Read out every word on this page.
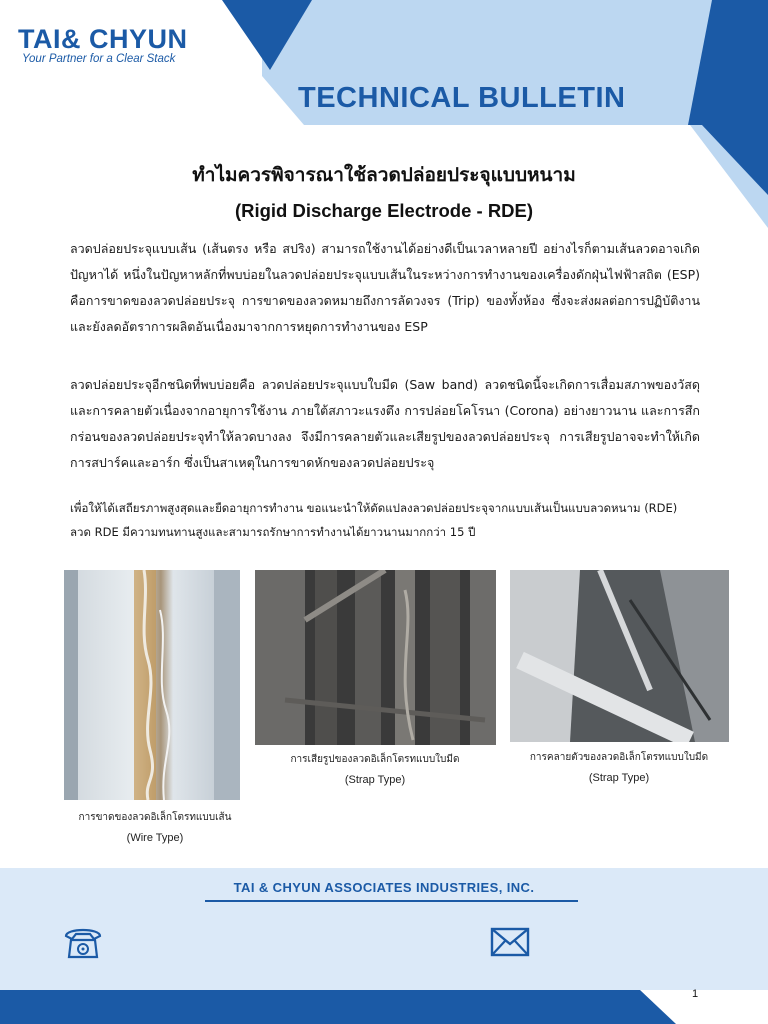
TAI& CHYUN
Your Partner for a Clear Stack
TECHNICAL BULLETIN
ทำไมควรพิจารณาใช้ลวดปล่อยประจุแบบหนาม
(Rigid Discharge Electrode - RDE)
ลวดปล่อยประจุแบบเส้น (เส้นตรง หรือ สปริง) สามารถใช้งานได้อย่างดีเป็นเวลาหลายปี อย่างไรก็ตามเส้นลวดอาจเกิดปัญหาได้ หนึ่งในปัญหาหลักที่พบบ่อยในลวดปล่อยประจุแบบเส้นในระหว่างการทำงานของเครื่องดักฝุ่นไฟฟ้าสถิต (ESP) คือการขาดของลวดปล่อยประจุ การขาดของลวดหมายถึงการลัดวงจร (Trip) ของทั้งห้อง ซึ่งจะส่งผลต่อการปฏิบัติงานและยังลดอัตราการผลิตอันเนื่องมาจากการหยุดการทำงานของ ESP
ลวดปล่อยประจุอีกชนิดที่พบบ่อยคือ ลวดปล่อยประจุแบบใบมีด (Saw band) ลวดชนิดนี้จะเกิดการเสื่อมสภาพของวัสดุและการคลายตัวเนื่องจากอายุการใช้งาน ภายใต้สภาวะแรงตึง การปล่อยโคโรนา (Corona) อย่างยาวนาน และการสึกกร่อนของลวดปล่อยประจุทำให้ลวดบางลง จึงมีการคลายตัวและเสียรูปของลวดปล่อยประจุ การเสียรูปอาจจะทำให้เกิดการสปาร์คและอาร์ก ซึ่งเป็นสาเหตุในการขาดหักของลวดปล่อยประจุ
เพื่อให้ได้เสถียรภาพสูงสุดและยืดอายุการทำงาน ขอแนะนำให้ดัดแปลงลวดปล่อยประจุจากแบบเส้นเป็นแบบลวดหนาม (RDE)
ลวด RDE มีความทนทานสูงและสามารถรักษาการทำงานได้ยาวนานมากกว่า 15 ปี
การขาดของลวดอิเล็กโตรทแบบเส้น
(Wire Type)
การเสียรูปของลวดอิเล็กโตรทแบบใบมีด
(Strap Type)
การคลายตัวของลวดอิเล็กโตรทแบบใบมีด
(Strap Type)
TAI & CHYUN ASSOCIATES INDUSTRIES, INC.
1
